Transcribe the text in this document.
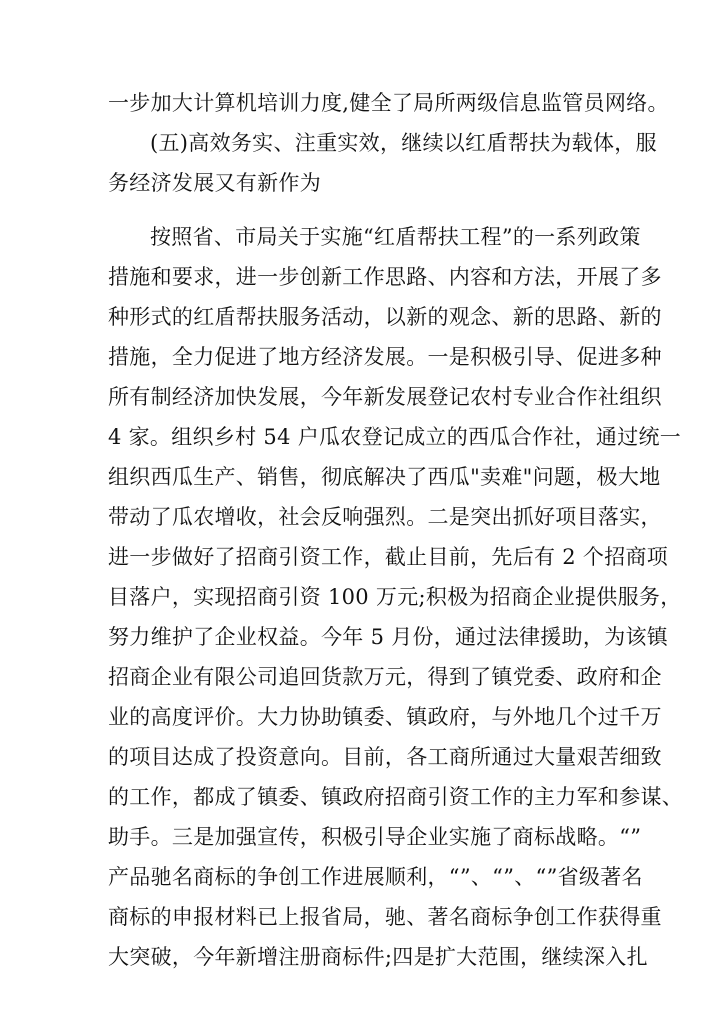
一步加大计算机培训力度,健全了局所两级信息监管员网络。
(五)高效务实、注重实效，继续以红盾帮扶为载体，服
务经济发展又有新作为
按照省、市局关于实施“红盾帮扶工程”的一系列政策
措施和要求，进一步创新工作思路、内容和方法，开展了多
种形式的红盾帮扶服务活动，以新的观念、新的思路、新的
措施，全力促进了地方经济发展。一是积极引导、促进多种
所有制经济加快发展，今年新发展登记农村专业合作社组织
4 家。组织乡村 54 户瓜农登记成立的西瓜合作社，通过统一
组织西瓜生产、销售，彻底解决了西瓜"卖难"问题，极大地
带动了瓜农增收，社会反响强烈。二是突出抓好项目落实，
进一步做好了招商引资工作，截止目前，先后有 2 个招商项
目落户，实现招商引资 100 万元;积极为招商企业提供服务，
努力维护了企业权益。今年 5 月份，通过法律援助，为该镇
招商企业有限公司追回货款万元，得到了镇党委、政府和企
业的高度评价。大力协助镇委、镇政府，与外地几个过千万
的项目达成了投资意向。目前，各工商所通过大量艰苦细致
的工作，都成了镇委、镇政府招商引资工作的主力军和参谋、
助手。三是加强宣传，积极引导企业实施了商标战略。“”
产品驰名商标的争创工作进展顺利，“”、“”、“”省级著名
商标的申报材料已上报省局，驰、著名商标争创工作获得重
大突破，今年新增注册商标件;四是扩大范围，继续深入扎
